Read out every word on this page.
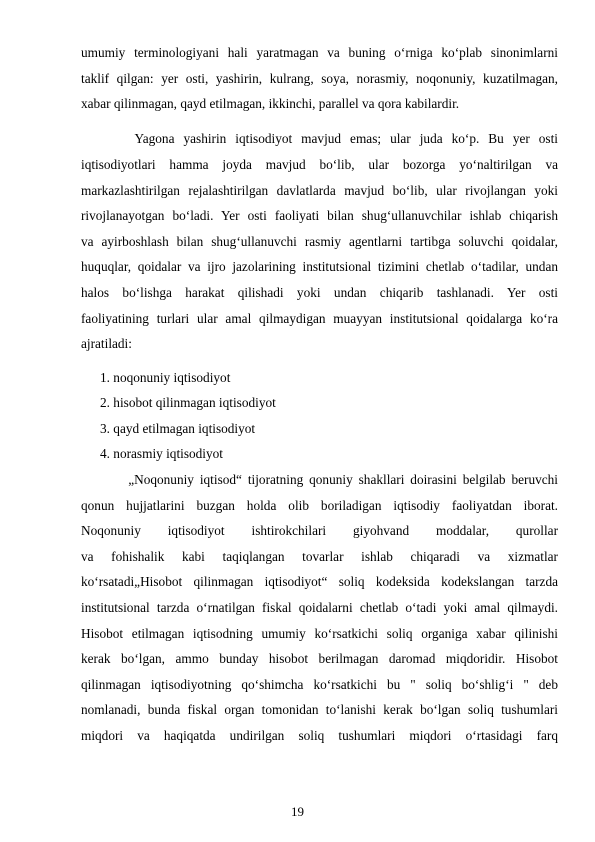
umumiy terminologiyani hali yaratmagan va buning o‘rniga ko‘plab sinonimlarni
taklif qilgan: yer osti, yashirin, kulrang, soya, norasmiy, noqonuniy, kuzatilmagan,
xabar qilinmagan, qayd etilmagan, ikkinchi, parallel va qora kabilardir.
Yagona  yashirin  iqtisodiyot  mavjud  emas;  ular  juda  ko‘p.  Bu  yer  osti
iqtisodiyotlari hamma joyda mavjud bo‘lib, ular bozorga yo‘naltirilgan va
markazlashtirilgan rejalashtirilgan davlatlarda mavjud bo‘lib, ular rivojlangan yoki
rivojlanayotgan bo‘ladi. Yer osti faoliyati bilan shug‘ullanuvchilar ishlab chiqarish
va ayirboshlash bilan shug‘ullanuvchi rasmiy agentlarni tartibga soluvchi qoidalar,
huquqlar, qoidalar va ijro jazolarining institutsional tizimini chetlab o‘tadilar, undan
halos bo‘lishga harakat qilishadi yoki undan chiqarib tashlanadi. Yer osti
faoliyatining turlari ular amal qilmaydigan muayyan institutsional qoidalarga ko‘ra
ajratiladi:
1. noqonuniy iqtisodiyot
2. hisobot qilinmagan iqtisodiyot
3. qayd etilmagan iqtisodiyot
4. norasmiy iqtisodiyot
„Noqonuniy iqtisod“ tijoratning qonuniy shakllari doirasini belgilab beruvchi
qonun hujjatlarini buzgan holda olib boriladigan iqtisodiy faoliyatdan iborat.
Noqonuniy iqtisodiyot ishtirokchilari giyohvand moddalar, qurollar
va fohishalik kabi taqiqlangan tovarlar ishlab chiqaradi va xizmatlar
ko‘rsatadi„Hisobot qilinmagan iqtisodiyot“ soliq kodeksida kodekslangan tarzda
institutsional tarzda o‘rnatilgan fiskal qoidalarni chetlab o‘tadi yoki amal qilmaydi.
Hisobot etilmagan iqtisodning umumiy ko‘rsatkichi soliq organiga xabar qilinishi
kerak bo‘lgan, ammo bunday hisobot berilmagan daromad miqdoridir. Hisobot
qilinmagan iqtisodiyotning qo‘shimcha ko‘rsatkichi bu " soliq bo‘shlig‘i " deb
nomlanadi, bunda fiskal organ tomonidan to‘lanishi kerak bo‘lgan soliq tushumlari
miqdori va haqiqatda undirilgan soliq tushumlari miqdori o‘rtasidagi farq
19
